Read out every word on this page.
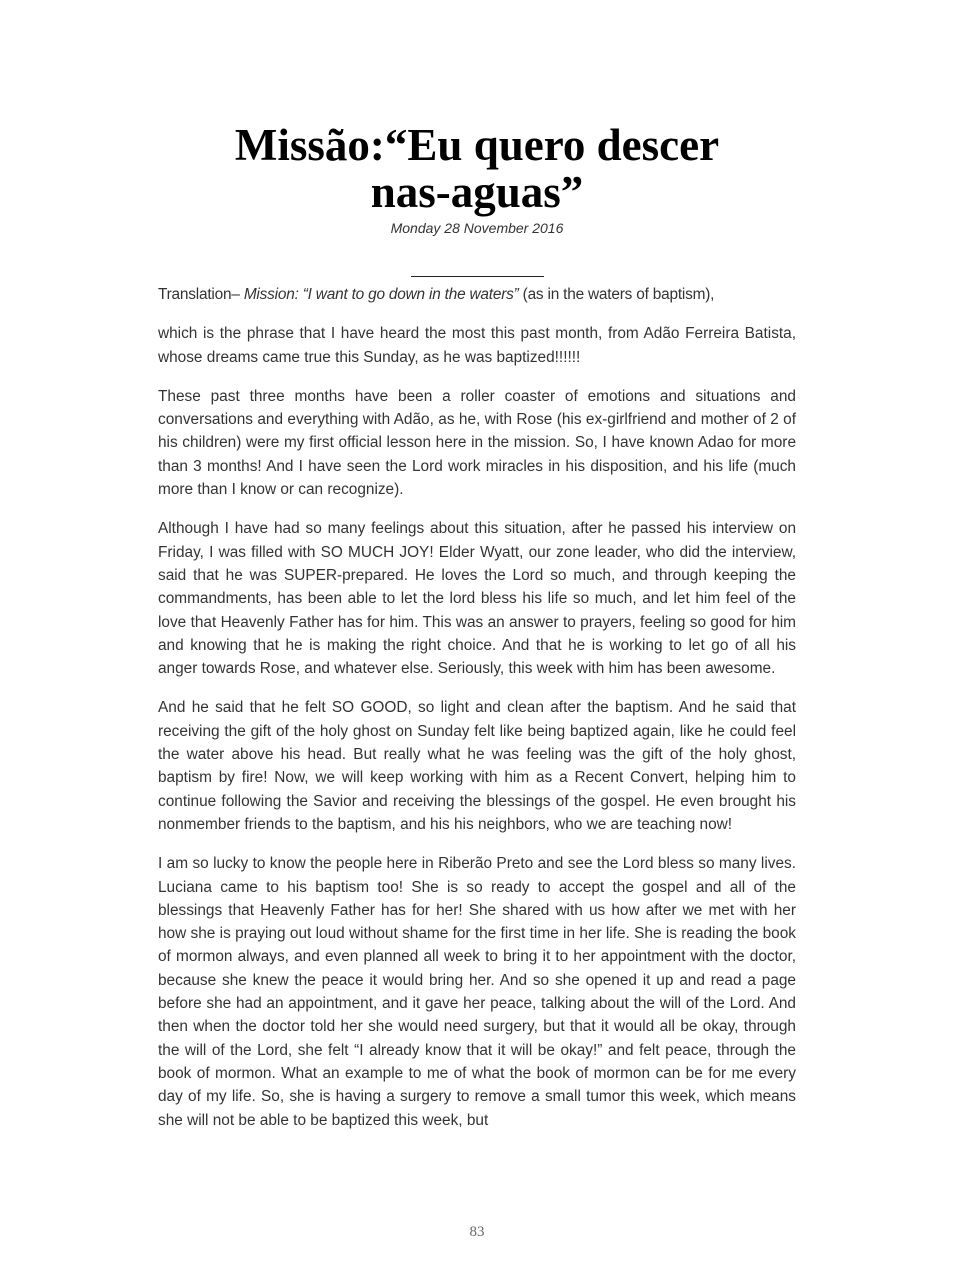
Missão:“Eu quero descer
nas-aguas”
Monday 28 November 2016

Translation– Mission: “I want to go down in the waters” (as in the waters of baptism),

which is the phrase that I have heard the most this past month, from Adão Ferreira Batista, whose dreams came true this Sunday, as he was baptized!!!!!!

These past three months have been a roller coaster of emotions and situations and conversations and everything with Adão, as he, with Rose (his ex-girlfriend and mother of 2 of his children) were my first official lesson here in the mission. So, I have known Adao for more than 3 months! And I have seen the Lord work miracles in his disposition, and his life (much more than I know or can recognize).

Although I have had so many feelings about this situation, after he passed his interview on Friday, I was filled with SO MUCH JOY! Elder Wyatt, our zone leader, who did the interview, said that he was SUPER-prepared. He loves the Lord so much, and through keeping the commandments, has been able to let the lord bless his life so much, and let him feel of the love that Heavenly Father has for him. This was an answer to prayers, feeling so good for him and knowing that he is making the right choice. And that he is working to let go of all his anger towards Rose, and whatever else. Seriously, this week with him has been awesome.

And he said that he felt SO GOOD, so light and clean after the baptism. And he said that receiving the gift of the holy ghost on Sunday felt like being baptized again, like he could feel the water above his head. But really what he was feeling was the gift of the holy ghost, baptism by fire! Now, we will keep working with him as a Recent Convert, helping him to continue following the Savior and receiving the blessings of the gospel. He even brought his nonmember friends to the baptism, and his his neighbors, who we are teaching now!

I am so lucky to know the people here in Riberão Preto and see the Lord bless so many lives. Luciana came to his baptism too! She is so ready to accept the gospel and all of the blessings that Heavenly Father has for her! She shared with us how after we met with her how she is praying out loud without shame for the first time in her life. She is reading the book of mormon always, and even planned all week to bring it to her appointment with the doctor, because she knew the peace it would bring her. And so she opened it up and read a page before she had an appointment, and it gave her peace, talking about the will of the Lord. And then when the doctor told her she would need surgery, but that it would all be okay, through the will of the Lord, she felt “I already know that it will be okay!” and felt peace, through the book of mormon. What an example to me of what the book of mormon can be for me every day of my life. So, she is having a surgery to remove a small tumor this week, which means she will not be able to be baptized this week, but

83
